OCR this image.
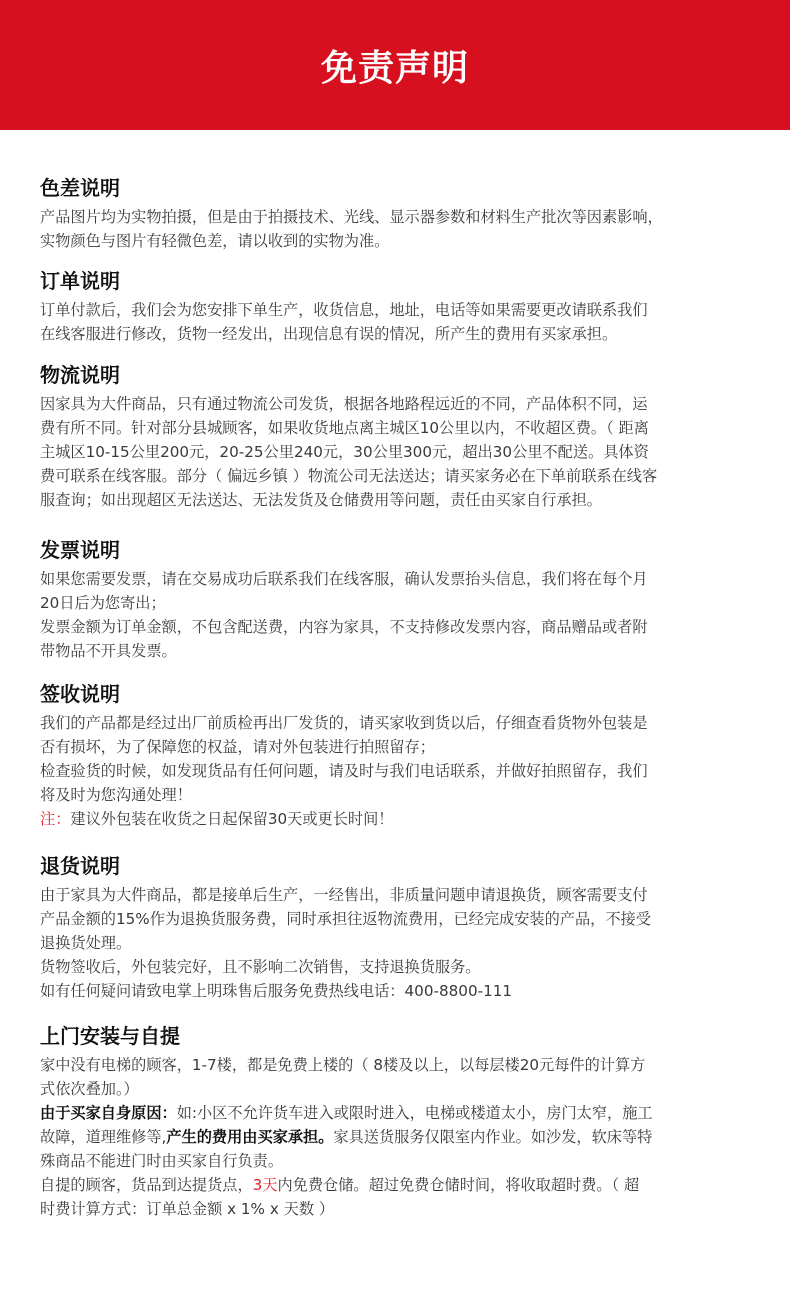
免责声明
色差说明

产品图片均为实物拍摄，但是由于拍摄技术、光线、显示器参数和材料生产批次等因素影响，

实物颜色与图片有轻微色差，请以收到的实物为准。

订单说明

订单付款后，我们会为您安排下单生产，收货信息，地址，电话等如果需要更改请联系我们

在线客服进行修改，货物一经发出，出现信息有误的情况，所产生的费用有买家承担。

物流说明

因家具为大件商品，只有通过物流公司发货，根据各地路程远近的不同，产品体积不同，运

费有所不同。针对部分县城顾客，如果收货地点离主城区10公里以内，不收超区费。（ 距离

主城区10-15公里200元，20-25公里240元，30公里300元，超出30公里不配送。具体资

费可联系在线客服。部分（ 偏远乡镇 ）物流公司无法送达；请买家务必在下单前联系在线客

服查询；如出现超区无法送达、无法发货及仓储费用等问题，责任由买家自行承担。

发票说明

如果您需要发票，请在交易成功后联系我们在线客服，确认发票抬头信息，我们将在每个月

20日后为您寄出；

发票金额为订单金额，不包含配送费，内容为家具，不支持修改发票内容，商品赠品或者附

带物品不开具发票。

签收说明

我们的产品都是经过出厂前质检再出厂发货的，请买家收到货以后，仔细查看货物外包装是

否有损坏，为了保障您的权益，请对外包装进行拍照留存；

检查验货的时候，如发现货品有任何问题，请及时与我们电话联系，并做好拍照留存，我们

将及时为您沟通处理！

注：建议外包装在收货之日起保留30天或更长时间！

退货说明

由于家具为大件商品，都是接单后生产，一经售出，非质量问题申请退换货，顾客需要支付

产品金额的15%作为退换货服务费，同时承担往返物流费用，已经完成安装的产品，不接受

退换货处理。

货物签收后，外包装完好，且不影响二次销售，支持退换货服务。

如有任何疑问请致电掌上明珠售后服务免费热线电话：400-8800-111

上门安装与自提

家中没有电梯的顾客，1-7楼，都是免费上楼的（ 8楼及以上，以每层楼20元每件的计算方

式依次叠加。）

由于买家自身原因：如:小区不允许货车进入或限时进入，电梯或楼道太小，房门太窄，施工

故障，道理维修等,产生的费用由买家承担。家具送货服务仅限室内作业。如沙发，软床等特

殊商品不能进门时由买家自行负责。

自提的顾客，货品到达提货点，3天内免费仓储。超过免费仓储时间，将收取超时费。（ 超

时费计算方式：订单总金额 x 1% x 天数 ）
